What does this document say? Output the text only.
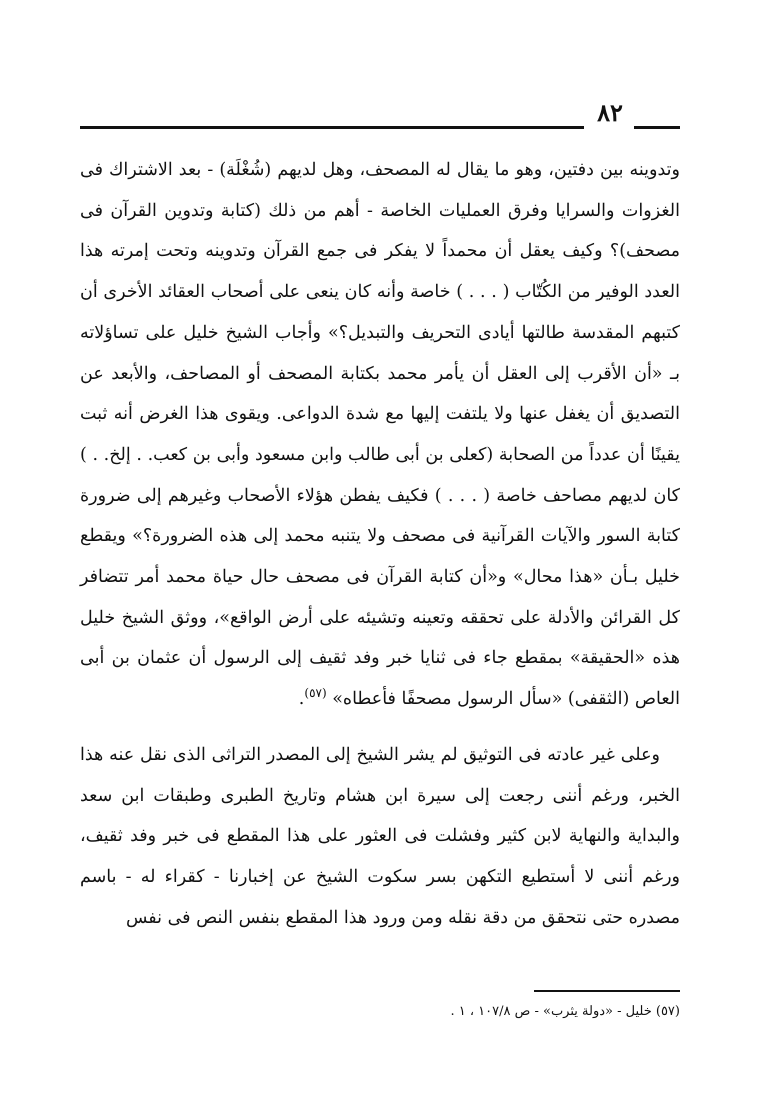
٨٢

وتدوينه بين دفتين، وهو ما يقال له المصحف، وهل لديهم (شُغْلَة) - بعد الاشتراك فى الغزوات والسرايا وفرق العمليات الخاصة - أهم من ذلك (كتابة وتدوين القرآن فى مصحف)؟ وكيف يعقل أن محمداً لا يفكر فى جمع القرآن وتدوينه وتحت إمرته هذا العدد الوفير من الكُتّاب ( . . . ) خاصة وأنه كان ينعى على أصحاب العقائد الأخرى أن كتبهم المقدسة طالتها أيادى التحريف والتبديل؟» وأجاب الشيخ خليل على تساؤلاته بـ «أن الأقرب إلى العقل أن يأمر محمد بكتابة المصحف أو المصاحف، والأبعد عن التصديق أن يغفل عنها ولا يلتفت إليها مع شدة الدواعى. ويقوى هذا الغرض أنه ثبت يقينًا أن عدداً من الصحابة (كعلى بن أبى طالب وابن مسعود وأبى بن كعب. . إلخ. . ) كان لديهم مصاحف خاصة ( . . . ) فكيف يفطن هؤلاء الأصحاب وغيرهم إلى ضرورة كتابة السور والآيات القرآنية فى مصحف ولا يتنبه محمد إلى هذه الضرورة؟» ويقطع خليل بـأن «هذا محال» و«أن كتابة القرآن فى مصحف حال حياة محمد أمر تتضافر كل القرائن والأدلة على تحققه وتعينه وتشيئه على أرض الواقع»، ووثق الشيخ خليل هذه «الحقيقة» بمقطع جاء فى ثنايا خبر وفد ثقيف إلى الرسول أن عثمان بن أبى العاص (الثقفى) «سأل الرسول مصحفًا فأعطاه» $^{(٥٧)}$.

وعلى غير عادته فى التوثيق لم يشر الشيخ إلى المصدر التراثى الذى نقل عنه هذا الخبر، ورغم أننى رجعت إلى سيرة ابن هشام وتاريخ الطبرى وطبقات ابن سعد والبداية والنهاية لابن كثير وفشلت فى العثور على هذا المقطع فى خبر وفد ثقيف، ورغم أننى لا أستطيع التكهن بسر سكوت الشيخ عن إخبارنا - كقراء له - باسم مصدره حتى نتحقق من دقة نقله ومن ورود هذا المقطع بنفس النص فى نفس

(٥٧) خليل - «دولة يثرب» - ص ١٠٧/٨ ، ١ .
